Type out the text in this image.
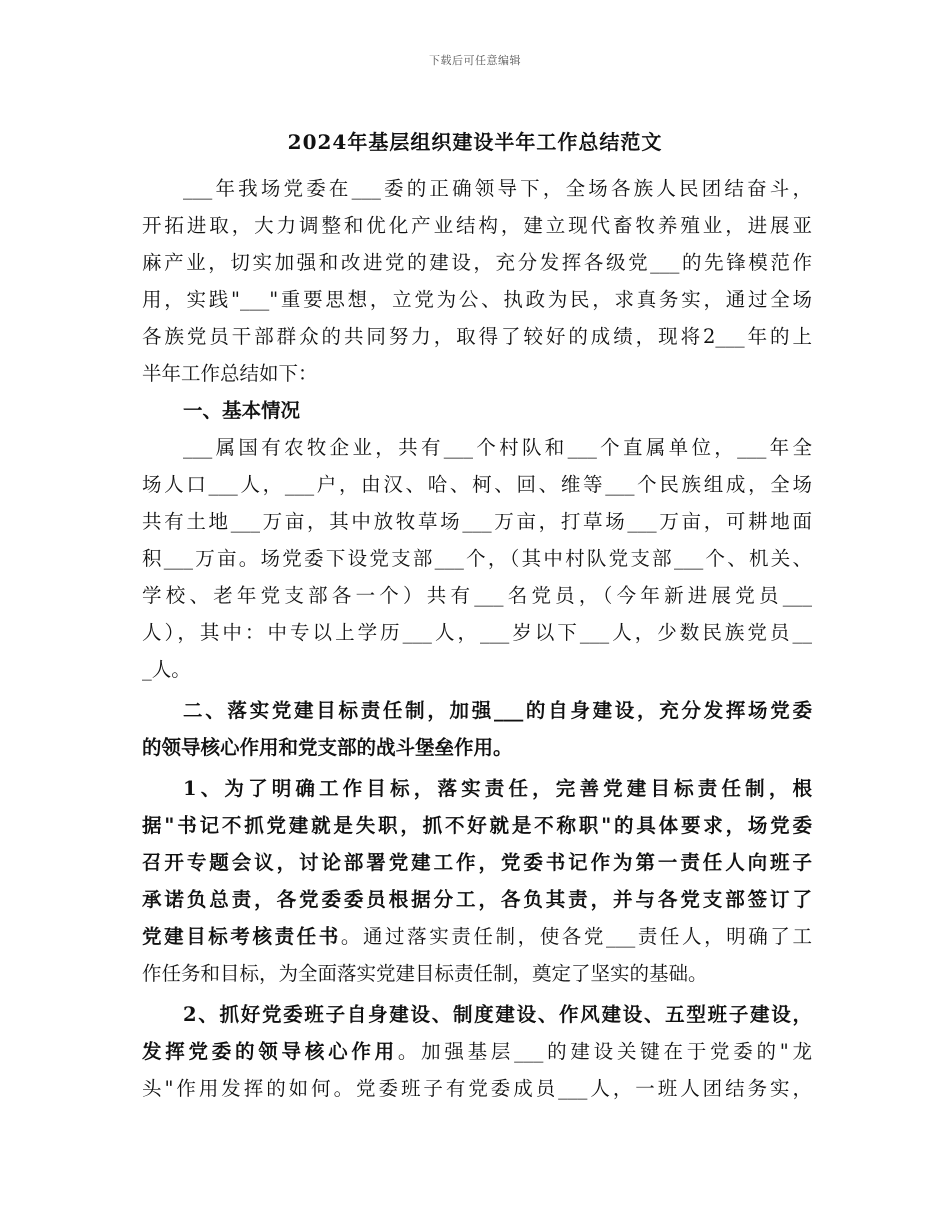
下载后可任意编辑
2024年基层组织建设半年工作总结范文
___年我场党委在___委的正确领导下，全场各族人民团结奋斗，
开拓进取，大力调整和优化产业结构，建立现代畜牧养殖业，进展亚
麻产业，切实加强和改进党的建设，充分发挥各级党___的先锋模范作
用，实践"___"重要思想，立党为公、执政为民，求真务实，通过全场
各族党员干部群众的共同努力，取得了较好的成绩，现将2___年的上
半年工作总结如下：
一、基本情况
___属国有农牧企业，共有___个村队和___个直属单位，___年全
场人口___人，___户，由汉、哈、柯、回、维等___个民族组成，全场
共有土地___万亩，其中放牧草场___万亩，打草场___万亩，可耕地面
积___万亩。场党委下设党支部___个，（其中村队党支部___个、机关、
学校、老年党支部各一个）共有___名党员，（今年新进展党员___
人），其中：中专以上学历___人，___岁以下___人，少数民族党员__
_人。
二、落实党建目标责任制，加强___的自身建设，充分发挥场党委
的领导核心作用和党支部的战斗堡垒作用。
1、为了明确工作目标，落实责任，完善党建目标责任制，根
据"书记不抓党建就是失职，抓不好就是不称职"的具体要求，场党委
召开专题会议，讨论部署党建工作，党委书记作为第一责任人向班子
承诺负总责，各党委委员根据分工，各负其责，并与各党支部签订了
党建目标考核责任书。通过落实责任制，使各党___责任人，明确了工
作任务和目标，为全面落实党建目标责任制，奠定了坚实的基础。
2、抓好党委班子自身建设、制度建设、作风建设、五型班子建设，
发挥党委的领导核心作用。加强基层___的建设关键在于党委的"龙
头"作用发挥的如何。党委班子有党委成员___人，一班人团结务实，
